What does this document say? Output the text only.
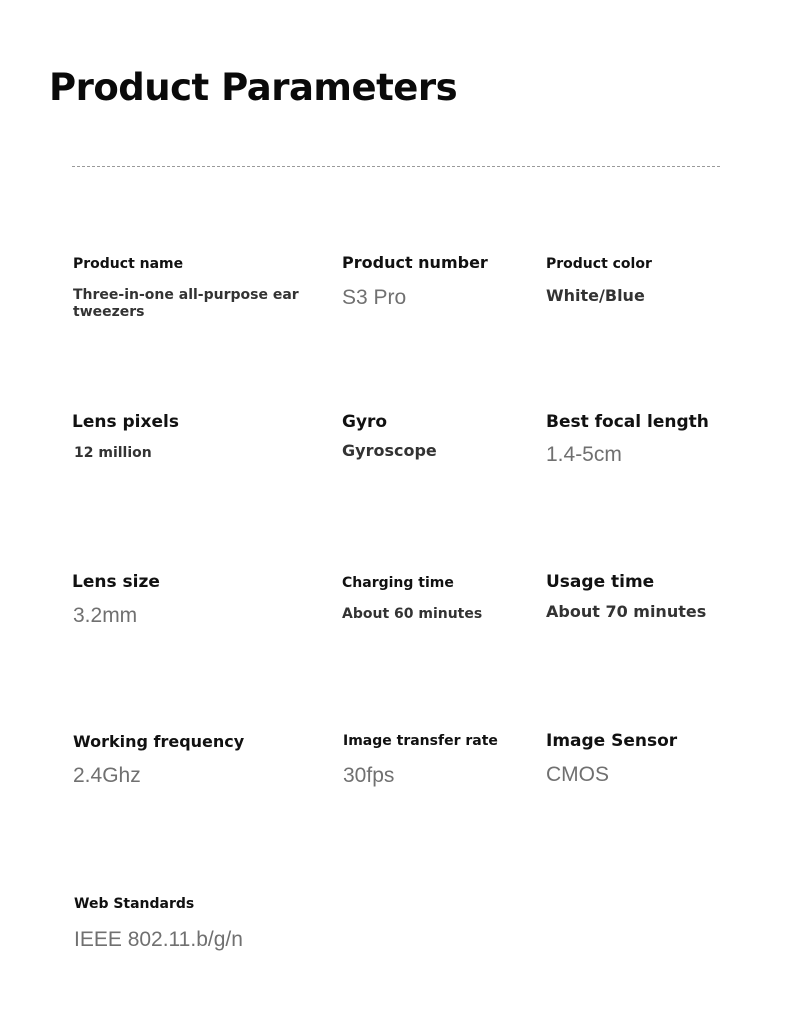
Product Parameters
Product name
Three-in-one all-purpose ear tweezers
Product number
S3 Pro
Product color
White/Blue
Lens pixels
12 million
Gyro
Gyroscope
Best focal length
1.4-5cm
Lens size
3.2mm
Charging time
About 60 minutes
Usage time
About 70 minutes
Working frequency
2.4Ghz
Image transfer rate
30fps
Image Sensor
CMOS
Web Standards
IEEE 802.11.b/g/n
